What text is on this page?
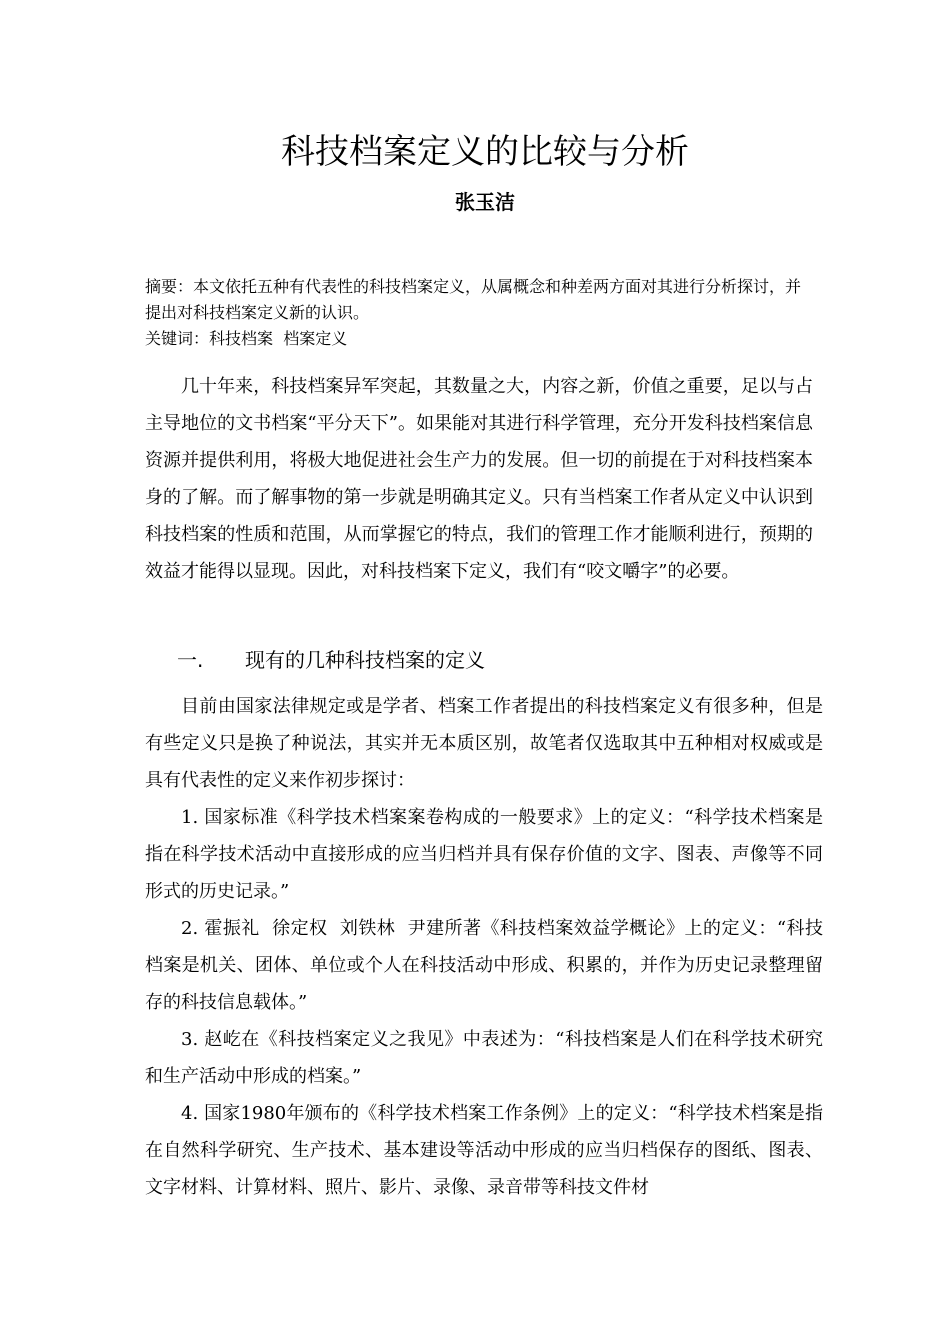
科技档案定义的比较与分析
张玉洁
摘要：本文依托五种有代表性的科技档案定义，从属概念和种差两方面对其进行分析探讨，并提出对科技档案定义新的认识。
关键词：科技档案  档案定义

几十年来，科技档案异军突起，其数量之大，内容之新，价值之重要，足以与占主导地位的文书档案“平分天下”。如果能对其进行科学管理，充分开发科技档案信息资源并提供利用，将极大地促进社会生产力的发展。但一切的前提在于对科技档案本身的了解。而了解事物的第一步就是明确其定义。只有当档案工作者从定义中认识到科技档案的性质和范围，从而掌握它的特点，我们的管理工作才能顺利进行，预期的效益才能得以显现。因此，对科技档案下定义，我们有“咬文嚼字”的必要。

一. 现有的几种科技档案的定义

目前由国家法律规定或是学者、档案工作者提出的科技档案定义有很多种，但是有些定义只是换了种说法，其实并无本质区别，故笔者仅选取其中五种相对权威或是具有代表性的定义来作初步探讨：

1. 国家标准《科学技术档案案卷构成的一般要求》上的定义：“科学技术档案是指在科学技术活动中直接形成的应当归档并具有保存价值的文字、图表、声像等不同形式的历史记录。”

2. 霍振礼  徐定权  刘铁林  尹建所著《科技档案效益学概论》上的定义：“科技档案是机关、团体、单位或个人在科技活动中形成、积累的，并作为历史记录整理留存的科技信息载体。”

3. 赵屹在《科技档案定义之我见》中表述为：“科技档案是人们在科学技术研究和生产活动中形成的档案。”

4. 国家1980年颁布的《科学技术档案工作条例》上的定义：“科学技术档案是指在自然科学研究、生产技术、基本建设等活动中形成的应当归档保存的图纸、图表、文字材料、计算材料、照片、影片、录像、录音带等科技文件材
